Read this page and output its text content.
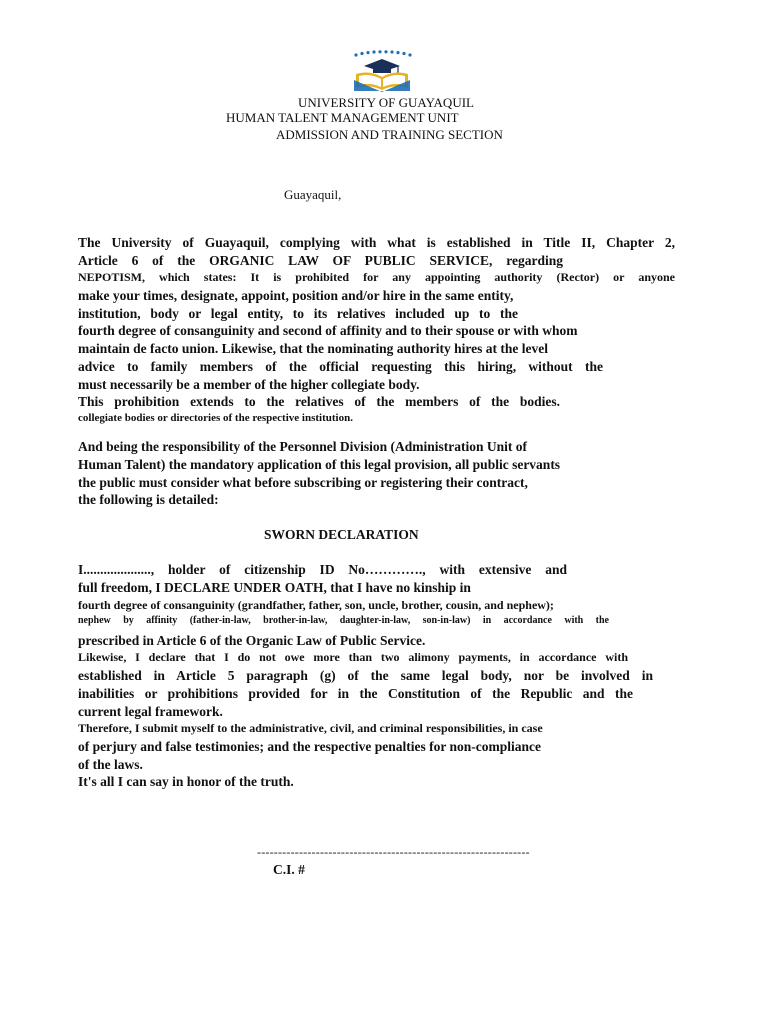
UNIVERSITY OF GUAYAQUIL
HUMAN TALENT MANAGEMENT UNIT
ADMISSION AND TRAINING SECTION
Guayaquil,
The University of Guayaquil, complying with what is established in Title II, Chapter 2,
Article 6 of the ORGANIC LAW OF PUBLIC SERVICE, regarding
NEPOTISM, which states: It is prohibited for any appointing authority (Rector) or anyone
make your times, designate, appoint, position and/or hire in the same entity,
institution, body or legal entity, to its relatives included up to the
fourth degree of consanguinity and second of affinity and to their spouse or with whom
maintain de facto union. Likewise, that the nominating authority hires at the level
advice to family members of the official requesting this hiring, without the
must necessarily be a member of the higher collegiate body.
This prohibition extends to the relatives of the members of the bodies.
collegiate bodies or directories of the respective institution.
And being the responsibility of the Personnel Division (Administration Unit of
Human Talent) the mandatory application of this legal provision, all public servants
the public must consider what before subscribing or registering their contract,
the following is detailed:
SWORN DECLARATION
I...................., holder of citizenship ID No…………., with extensive and
full freedom, I DECLARE UNDER OATH, that I have no kinship in
fourth degree of consanguinity (grandfather, father, son, uncle, brother, cousin, and nephew);
nephew by affinity (father-in-law, brother-in-law, daughter-in-law, son-in-law) in accordance with the
prescribed in Article 6 of the Organic Law of Public Service.
Likewise, I declare that I do not owe more than two alimony payments, in accordance with
established in Article 5 paragraph (g) of the same legal body, nor be involved in
inabilities or prohibitions provided for in the Constitution of the Republic and the
current legal framework.
Therefore, I submit myself to the administrative, civil, and criminal responsibilities, in case
of perjury and false testimonies; and the respective penalties for non-compliance
of the laws.
It's all I can say in honor of the truth.
-----------------------------------------------------------------
C.I. #
